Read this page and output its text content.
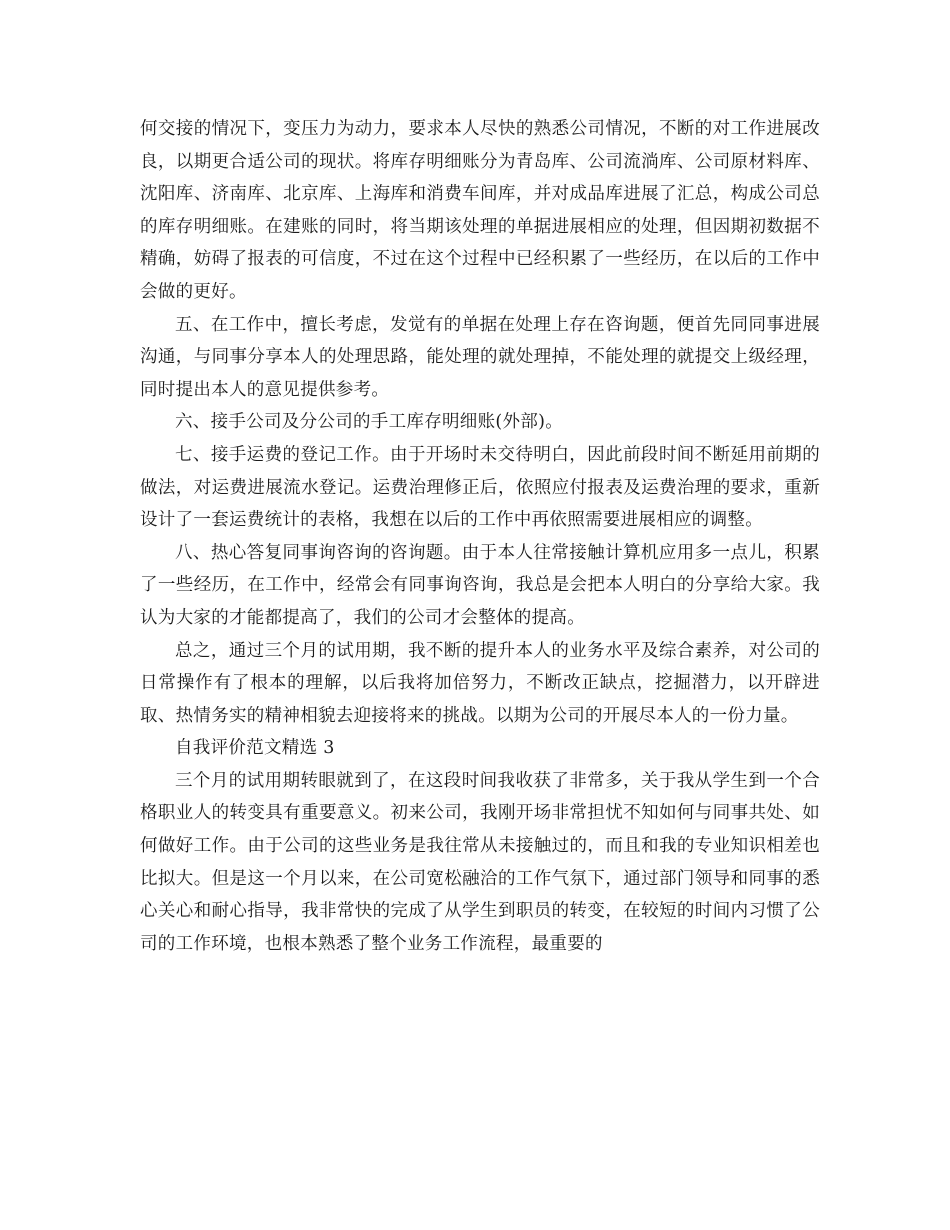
何交接的情况下，变压力为动力，要求本人尽快的熟悉公司情况，不断的对工作进展改良，以期更合适公司的现状。将库存明细账分为青岛库、公司流淌库、公司原材料库、沈阳库、济南库、北京库、上海库和消费车间库，并对成品库进展了汇总，构成公司总的库存明细账。在建账的同时，将当期该处理的单据进展相应的处理，但因期初数据不精确，妨碍了报表的可信度，不过在这个过程中已经积累了一些经历，在以后的工作中会做的更好。

五、在工作中，擅长考虑，发觉有的单据在处理上存在咨询题，便首先同同事进展沟通，与同事分享本人的处理思路，能处理的就处理掉，不能处理的就提交上级经理，同时提出本人的意见提供参考。

六、接手公司及分公司的手工库存明细账(外部)。

七、接手运费的登记工作。由于开场时未交待明白，因此前段时间不断延用前期的做法，对运费进展流水登记。运费治理修正后，依照应付报表及运费治理的要求，重新设计了一套运费统计的表格，我想在以后的工作中再依照需要进展相应的调整。

八、热心答复同事询咨询的咨询题。由于本人往常接触计算机应用多一点儿，积累了一些经历，在工作中，经常会有同事询咨询，我总是会把本人明白的分享给大家。我认为大家的才能都提高了，我们的公司才会整体的提高。

总之，通过三个月的试用期，我不断的提升本人的业务水平及综合素养，对公司的日常操作有了根本的理解，以后我将加倍努力，不断改正缺点，挖掘潜力，以开辟进取、热情务实的精神相貌去迎接将来的挑战。以期为公司的开展尽本人的一份力量。

自我评价范文精选 3

三个月的试用期转眼就到了，在这段时间我收获了非常多，关于我从学生到一个合格职业人的转变具有重要意义。初来公司，我刚开场非常担忧不知如何与同事共处、如何做好工作。由于公司的这些业务是我往常从未接触过的，而且和我的专业知识相差也比拟大。但是这一个月以来，在公司宽松融洽的工作气氛下，通过部门领导和同事的悉心关心和耐心指导，我非常快的完成了从学生到职员的转变，在较短的时间内习惯了公司的工作环境，也根本熟悉了整个业务工作流程，最重要的
